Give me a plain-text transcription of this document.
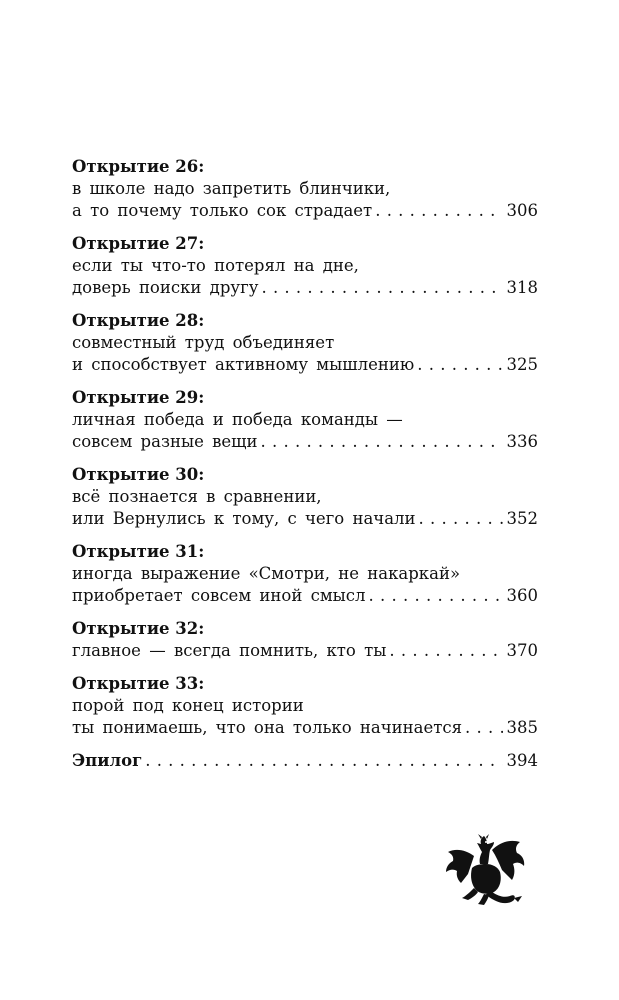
Открытие 26:
в школе надо запретить блинчики,
а то почему только сок страдает . . .	306
Открытие 27:
если ты что-то потерял на дне,
доверь поиски другу . . .	318
Открытие 28:
совместный труд объединяет
и способствует активному мышлению . . .	325
Открытие 29:
личная победа и победа команды —
совсем разные вещи . . .	336
Открытие 30:
всё познается в сравнении,
или Вернулись к тому, с чего начали . . .	352
Открытие 31:
иногда выражение «Смотри, не накаркай»
приобретает совсем иной смысл . . .	360
Открытие 32:
главное — всегда помнить, кто ты . . .	370
Открытие 33:
порой под конец истории
ты понимаешь, что она только начинается . . .	385
Эпилог . . .	394
